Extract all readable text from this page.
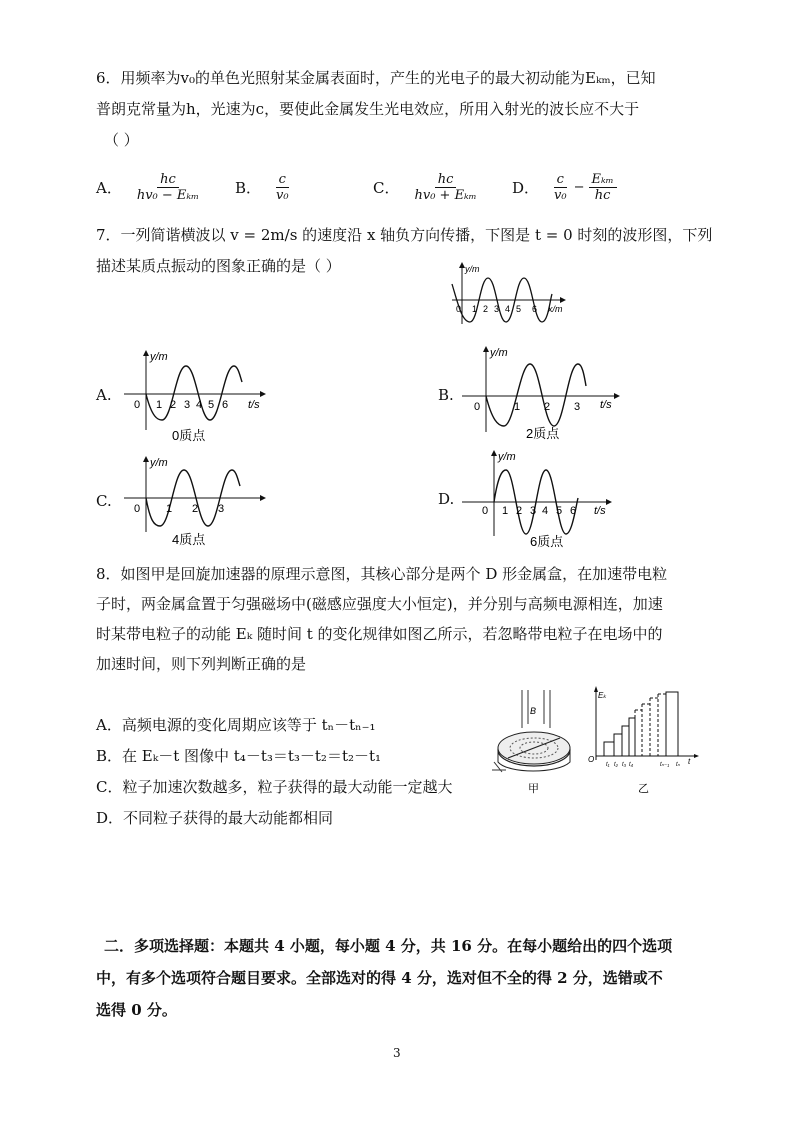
6．用频率为v₀的单色光照射某金属表面时，产生的光电子的最大初动能为Eₖₘ，已知
普朗克常量为h，光速为c，要使此金属发生光电效应，所用入射光的波长应不大于
（ ）
A． $\frac{hc}{\text{hv₀ − Eₖₘ}}$ B． $\frac{c}{\text{v₀}}$	C． $\frac{hc}{\text{hv₀ + Eₖₘ}}$ D． $\frac{c}{\text{v₀}} - \frac{\text{Eₖₘ}}{hc}$
7．一列简谐横波以 v = 2m/s 的速度沿 x 轴负方向传播，下图是 t = 0 时刻的波形图，下列
描述某质点振动的图象正确的是（ ）	y/m
x/m
0 1 2 3 4 5 6
A.
y/m
t/s
0 1 2 3 4 5 6
0质点
B.
y/m
t/s
0	1 2 3
2质点
C.
y/m
0 1 2 3
4质点
D.
y/m
t/s
0 1 2 3 4 5 6
6质点
8．如图甲是回旋加速器的原理示意图，其核心部分是两个 D 形金属盒，在加速带电粒
子时，两金属盒置于匀强磁场中(磁感应强度大小恒定)，并分别与高频电源相连，加速
时某带电粒子的动能 Eₖ 随时间 t 的变化规律如图乙所示，若忽略带电粒子在电场中的
加速时间，则下列判断正确的是
A．高频电源的变化周期应该等于 tₙ－tₙ₋₁
B．在 Eₖ－t 图像中 t₄－t₃＝t₃－t₂＝t₂－t₁
C．粒子加速次数越多，粒子获得的最大动能一定越大
D．不同粒子获得的最大动能都相同
B
甲
Eₖ
O
t₁ t₂ t₃ t₄	tₙ₋₁ tₙ t
乙
二．多项选择题：本题共 4 小题，每小题 4 分，共 16 分。在每小题给出的四个选项
中，有多个选项符合题目要求。全部选对的得 4 分，选对但不全的得 2 分，选错或不
选得 0 分。
3
